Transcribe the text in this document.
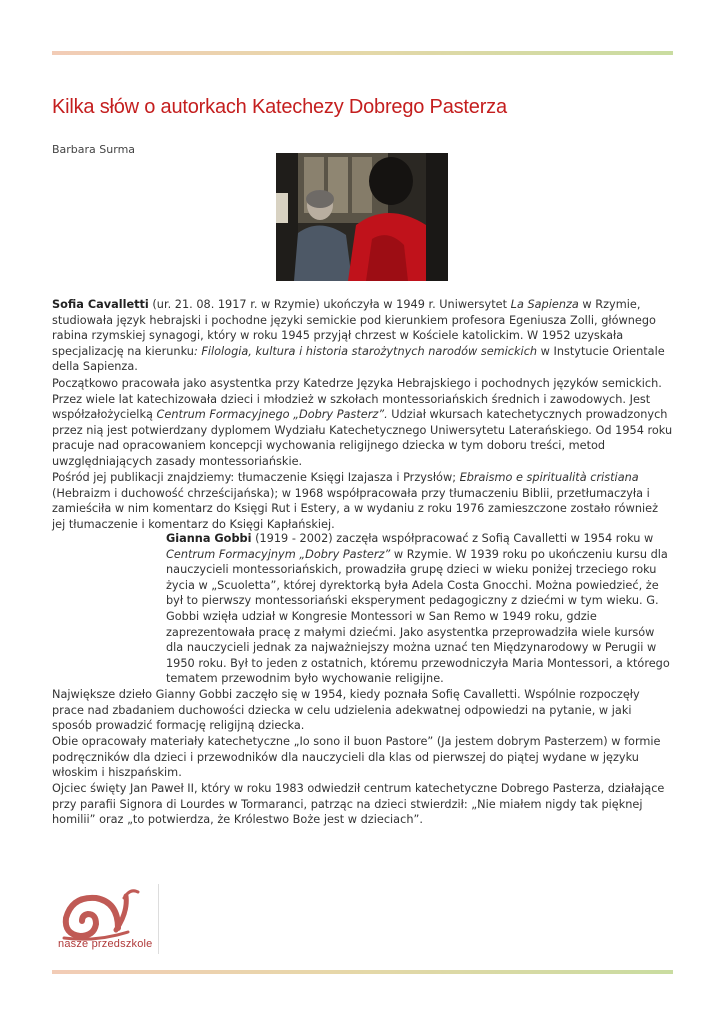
Kilka słów o autorkach Katechezy Dobrego Pasterza
Barbara Surma

Sofia Cavalletti (ur. 21. 08. 1917 r. w Rzymie) ukończyła w 1949 r. Uniwersytet La Sapienza w Rzymie, studiowała język hebrajski i pochodne języki semickie pod kierunkiem profesora Egeniusza Zolli, głównego rabina rzymskiej synagogi, który w roku 1945 przyjął chrzest w Kościele katolickim. W 1952 uzyskała specjalizację na kierunku: Filologia, kultura i historia starożytnych narodów semickich w Instytucie Orientale della Sapienza.

Początkowo pracowała jako asystentka przy Katedrze Języka Hebrajskiego i pochodnych języków semickich. Przez wiele lat katechizowała dzieci i młodzież w szkołach montessoriańskich średnich i zawodowych. Jest współzałożycielką Centrum Formacyjnego „Dobry Pasterz”. Udział wkursach katechetycznych prowadzonych przez nią jest potwierdzany dyplomem Wydziału Katechetycznego Uniwersytetu Laterańskiego. Od 1954 roku pracuje nad opracowaniem koncepcji wychowania religijnego dziecka w tym doboru treści, metod uwzględniających zasady montessoriańskie.

Pośród jej publikacji znajdziemy: tłumaczenie Księgi Izajasza i Przysłów; Ebraismo e spiritualità cristiana (Hebraizm i duchowość chrześcijańska); w 1968 współpracowała przy tłumaczeniu Biblii, przetłumaczyła i zamieściła w nim komentarz do Księgi Rut i Estery, a w wydaniu z roku 1976 zamieszczone zostało również jej tłumaczenie i komentarz do Księgi Kapłańskiej.

Gianna Gobbi (1919 - 2002) zaczęła współpracować z Sofią Cavalletti w 1954 roku w Centrum Formacyjnym „Dobry Pasterz” w Rzymie. W 1939 roku po ukończeniu kursu dla nauczycieli montessoriańskich, prowadziła grupę dzieci w wieku poniżej trzeciego roku życia w „Scuoletta”, której dyrektorką była Adela Costa Gnocchi. Można powiedzieć, że był to pierwszy montessoriański eksperyment pedagogiczny z dziećmi w tym wieku. G. Gobbi wzięła udział w Kongresie Montessori w San Remo w 1949 roku, gdzie zaprezentowała pracę z małymi dziećmi. Jako asystentka przeprowadziła wiele kursów dla nauczycieli jednak za najważniejszy można uznać ten Międzynarodowy w Perugii w 1950 roku. Był to jeden z ostatnich, któremu przewodniczyła Maria Montessori, a którego tematem przewodnim było wychowanie religijne.

Największe dzieło Gianny Gobbi zaczęło się w 1954, kiedy poznała Sofię Cavalletti. Wspólnie rozpoczęły prace nad zbadaniem duchowości dziecka w celu udzielenia adekwatnej odpowiedzi na pytanie, w jaki sposób prowadzić formację religijną dziecka.

Obie opracowały materiały katechetyczne „Io sono il buon Pastore” (Ja jestem dobrym Pasterzem) w formie podręczników dla dzieci i przewodników dla nauczycieli dla klas od pierwszej do piątej wydane w języku włoskim i hiszpańskim.

Ojciec święty Jan Paweł II, który w roku 1983 odwiedził centrum katechetyczne Dobrego Pasterza, działające przy parafii Signora di Lourdes w Tormaranci, patrząc na dzieci stwierdził: „Nie miałem nigdy tak pięknej homilii” oraz „to potwierdza, że Królestwo Boże jest w dzieciach”.

nasze przedszkole
